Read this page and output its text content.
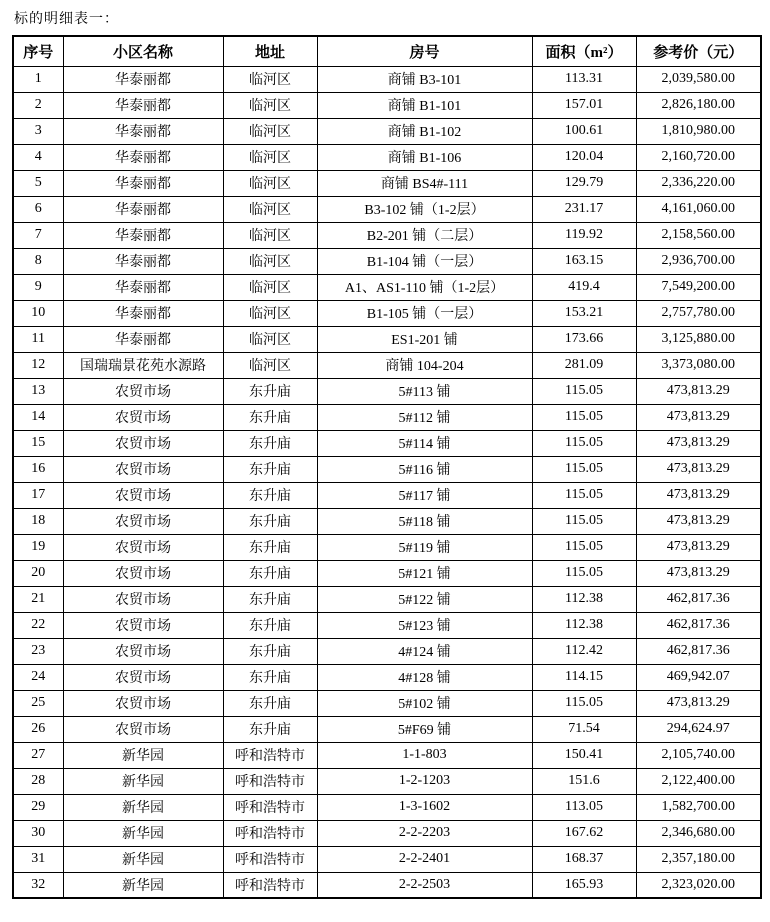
标的明细表一：
序号	小区名称	地址	房号	面积（m²）	参考价（元）
1	华泰丽都	临河区	商铺 B3-101	113.31	2,039,580.00
2	华泰丽都	临河区	商铺 B1-101	157.01	2,826,180.00
3	华泰丽都	临河区	商铺 B1-102	100.61	1,810,980.00
4	华泰丽都	临河区	商铺 B1-106	120.04	2,160,720.00
5	华泰丽都	临河区	商铺 BS4#-111	129.79	2,336,220.00
6	华泰丽都	临河区	B3-102 铺（1-2层）	231.17	4,161,060.00
7	华泰丽都	临河区	B2-201 铺（二层）	119.92	2,158,560.00
8	华泰丽都	临河区	B1-104 铺（一层）	163.15	2,936,700.00
9	华泰丽都	临河区	A1、AS1-110 铺（1-2层）	419.4	7,549,200.00
10	华泰丽都	临河区	B1-105 铺（一层）	153.21	2,757,780.00
11	华泰丽都	临河区	ES1-201 铺	173.66	3,125,880.00
12	国瑞瑞景花苑水源路	临河区	商铺 104-204	281.09	3,373,080.00
13	农贸市场	东升庙	5#113 铺	115.05	473,813.29
14	农贸市场	东升庙	5#112 铺	115.05	473,813.29
15	农贸市场	东升庙	5#114 铺	115.05	473,813.29
16	农贸市场	东升庙	5#116 铺	115.05	473,813.29
17	农贸市场	东升庙	5#117 铺	115.05	473,813.29
18	农贸市场	东升庙	5#118 铺	115.05	473,813.29
19	农贸市场	东升庙	5#119 铺	115.05	473,813.29
20	农贸市场	东升庙	5#121 铺	115.05	473,813.29
21	农贸市场	东升庙	5#122 铺	112.38	462,817.36
22	农贸市场	东升庙	5#123 铺	112.38	462,817.36
23	农贸市场	东升庙	4#124 铺	112.42	462,817.36
24	农贸市场	东升庙	4#128 铺	114.15	469,942.07
25	农贸市场	东升庙	5#102 铺	115.05	473,813.29
26	农贸市场	东升庙	5#F69 铺	71.54	294,624.97
27	新华园	呼和浩特市	1-1-803	150.41	2,105,740.00
28	新华园	呼和浩特市	1-2-1203	151.6	2,122,400.00
29	新华园	呼和浩特市	1-3-1602	113.05	1,582,700.00
30	新华园	呼和浩特市	2-2-2203	167.62	2,346,680.00
31	新华园	呼和浩特市	2-2-2401	168.37	2,357,180.00
32	新华园	呼和浩特市	2-2-2503	165.93	2,323,020.00
